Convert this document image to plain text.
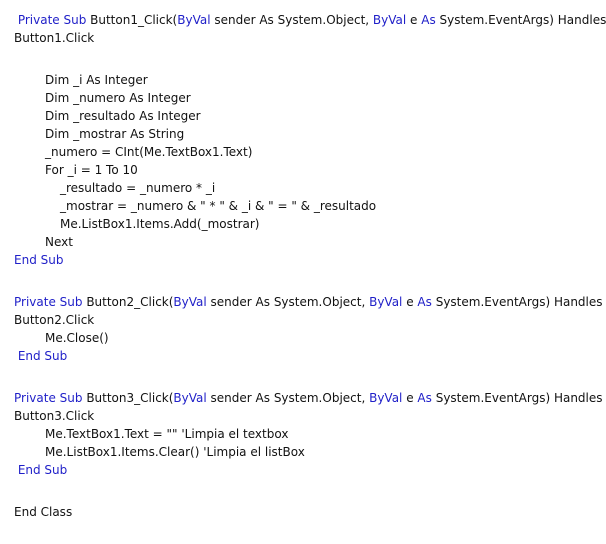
Private Sub Button1_Click(ByVal sender As System.Object, ByVal e As System.EventArgs) Handles
Button1.Click
Dim _i As Integer
Dim _numero As Integer
Dim _resultado As Integer
Dim _mostrar As String
_numero = CInt(Me.TextBox1.Text)
For _i = 1 To 10
_resultado = _numero * _i
_mostrar = _numero & " * " & _i & " = " & _resultado
Me.ListBox1.Items.Add(_mostrar)
Next
End Sub
Private Sub Button2_Click(ByVal sender As System.Object, ByVal e As System.EventArgs) Handles
Button2.Click
Me.Close()
End Sub
Private Sub Button3_Click(ByVal sender As System.Object, ByVal e As System.EventArgs) Handles
Button3.Click
Me.TextBox1.Text = "" 'Limpia el textbox
Me.ListBox1.Items.Clear() 'Limpia el listBox
End Sub
End Class
